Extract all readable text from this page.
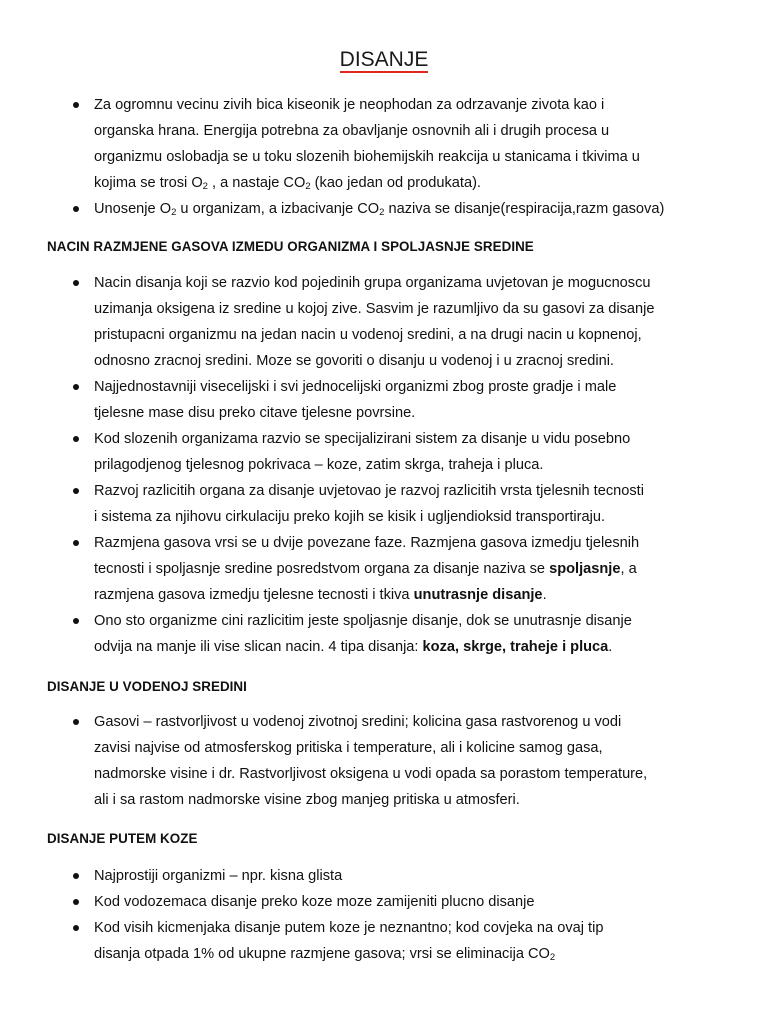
DISANJE
Za ogromnu vecinu zivih bica kiseonik je neophodan za odrzavanje zivota kao i
organska hrana. Energija potrebna za obavljanje osnovnih ali i drugih procesa u
organizmu oslobadja se u toku slozenih biohemijskih reakcija u stanicama i tkivima u
kojima se trosi $O_2$ , a nastaje $CO_2$ (kao jedan od produkata).
Unosenje $O_2$ u organizam, a izbacivanje $CO_2$ naziva se disanje(respiracija,razm gasova)
NACIN RAZMJENE GASOVA IZMEDU ORGANIZMA I SPOLJASNJE SREDINE
Nacin disanja koji se razvio kod pojedinih grupa organizama uvjetovan je mogucnoscu
uzimanja oksigena iz sredine u kojoj zive. Sasvim je razumljivo da su gasovi za disanje
pristupacni organizmu na jedan nacin u vodenoj sredini, a na drugi nacin u kopnenoj,
odnosno zracnoj sredini. Moze se govoriti o disanju u vodenoj i u zracnoj sredini.
Najjednostavniji visecelijski i svi jednocelijski organizmi zbog proste gradje i male
tjelesne mase disu preko citave tjelesne povrsine.
Kod slozenih organizama razvio se specijalizirani sistem za disanje u vidu posebno
prilagodjenog tjelesnog pokrivaca – koze, zatim skrga, traheja i pluca.
Razvoj razlicitih organa za disanje uvjetovao je razvoj razlicitih vrsta tjelesnih tecnosti
i sistema za njihovu cirkulaciju preko kojih se kisik i ugljendioksid transportiraju.
Razmjena gasova vrsi se u dvije povezane faze. Razmjena gasova izmedju tjelesnih
tecnosti i spoljasnje sredine posredstvom organa za disanje naziva se spoljasnje, a
razmjena gasova izmedju tjelesne tecnosti i tkiva unutrasnje disanje.
Ono sto organizme cini razlicitim jeste spoljasnje disanje, dok se unutrasnje disanje
odvija na manje ili vise slican nacin. 4 tipa disanja: koza, skrge, traheje i pluca.
DISANJE U VODENOJ SREDINI
Gasovi – rastvorljivost u vodenoj zivotnoj sredini; kolicina gasa rastvorenog u vodi
zavisi najvise od atmosferskog pritiska i temperature, ali i kolicine samog gasa,
nadmorske visine i dr. Rastvorljivost oksigena u vodi opada sa porastom temperature,
ali i sa rastom nadmorske visine zbog manjeg pritiska u atmosferi.
DISANJE PUTEM KOZE
Najprostiji organizmi – npr. kisna glista
Kod vodozemaca disanje preko koze moze zamijeniti plucno disanje
Kod visih kicmenjaka disanje putem koze je neznantno; kod covjeka na ovaj tip
disanja otpada 1% od ukupne razmjene gasova; vrsi se eliminacija $CO_2$
